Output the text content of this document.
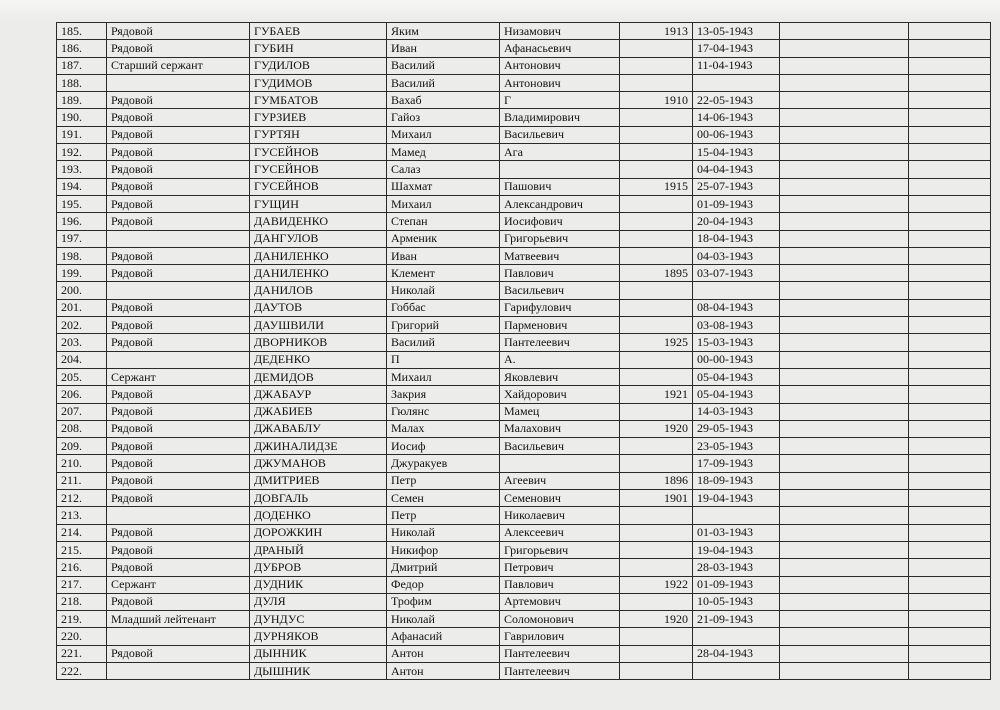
185.	Рядовой	ГУБАЕВ	Яким	Низамович	1913	13-05-1943		
186.	Рядовой	ГУБИН	Иван	Афанасьевич		17-04-1943		
187.	Старший сержант	ГУДИЛОВ	Василий	Антонович		11-04-1943		
188.		ГУДИМОВ	Василий	Антонович				
189.	Рядовой	ГУМБАТОВ	Вахаб	Г	1910	22-05-1943		
190.	Рядовой	ГУРЗИЕВ	Гайоз	Владимирович		14-06-1943		
191.	Рядовой	ГУРТЯН	Михаил	Васильевич		00-06-1943		
192.	Рядовой	ГУСЕЙНОВ	Мамед	Ага		15-04-1943		
193.	Рядовой	ГУСЕЙНОВ	Салаз			04-04-1943		
194.	Рядовой	ГУСЕЙНОВ	Шахмат	Пашович	1915	25-07-1943		
195.	Рядовой	ГУЩИН	Михаил	Александрович		01-09-1943		
196.	Рядовой	ДАВИДЕНКО	Степан	Иосифович		20-04-1943		
197.		ДАНГУЛОВ	Арменик	Григорьевич		18-04-1943		
198.	Рядовой	ДАНИЛЕНКО	Иван	Матвеевич		04-03-1943		
199.	Рядовой	ДАНИЛЕНКО	Клемент	Павлович	1895	03-07-1943		
200.		ДАНИЛОВ	Николай	Васильевич				
201.	Рядовой	ДАУТОВ	Гоббас	Гарифулович		08-04-1943		
202.	Рядовой	ДАУШВИЛИ	Григорий	Парменович		03-08-1943		
203.	Рядовой	ДВОРНИКОВ	Василий	Пантелеевич	1925	15-03-1943		
204.		ДЕДЕНКО	П	А.		00-00-1943		
205.	Сержант	ДЕМИДОВ	Михаил	Яковлевич		05-04-1943		
206.	Рядовой	ДЖАБАУР	Закрия	Хайдорович	1921	05-04-1943		
207.	Рядовой	ДЖАБИЕВ	Гюлянс	Мамец		14-03-1943		
208.	Рядовой	ДЖАВАБЛУ	Малах	Малахович	1920	29-05-1943		
209.	Рядовой	ДЖИНАЛИДЗЕ	Иосиф	Васильевич		23-05-1943		
210.	Рядовой	ДЖУМАНОВ	Джуракуев			17-09-1943		
211.	Рядовой	ДМИТРИЕВ	Петр	Агеевич	1896	18-09-1943		
212.	Рядовой	ДОВГАЛЬ	Семен	Семенович	1901	19-04-1943		
213.		ДОДЕНКО	Петр	Николаевич				
214.	Рядовой	ДОРОЖКИН	Николай	Алексеевич		01-03-1943		
215.	Рядовой	ДРАНЫЙ	Никифор	Григорьевич		19-04-1943		
216.	Рядовой	ДУБРОВ	Дмитрий	Петрович		28-03-1943		
217.	Сержант	ДУДНИК	Федор	Павлович	1922	01-09-1943		
218.	Рядовой	ДУЛЯ	Трофим	Артемович		10-05-1943		
219.	Младший лейтенант	ДУНДУС	Николай	Соломонович	1920	21-09-1943		
220.		ДУРНЯКОВ	Афанасий	Гаврилович				
221.	Рядовой	ДЫННИК	Антон	Пантелеевич		28-04-1943		
222.		ДЫШНИК	Антон	Пантелеевич				
